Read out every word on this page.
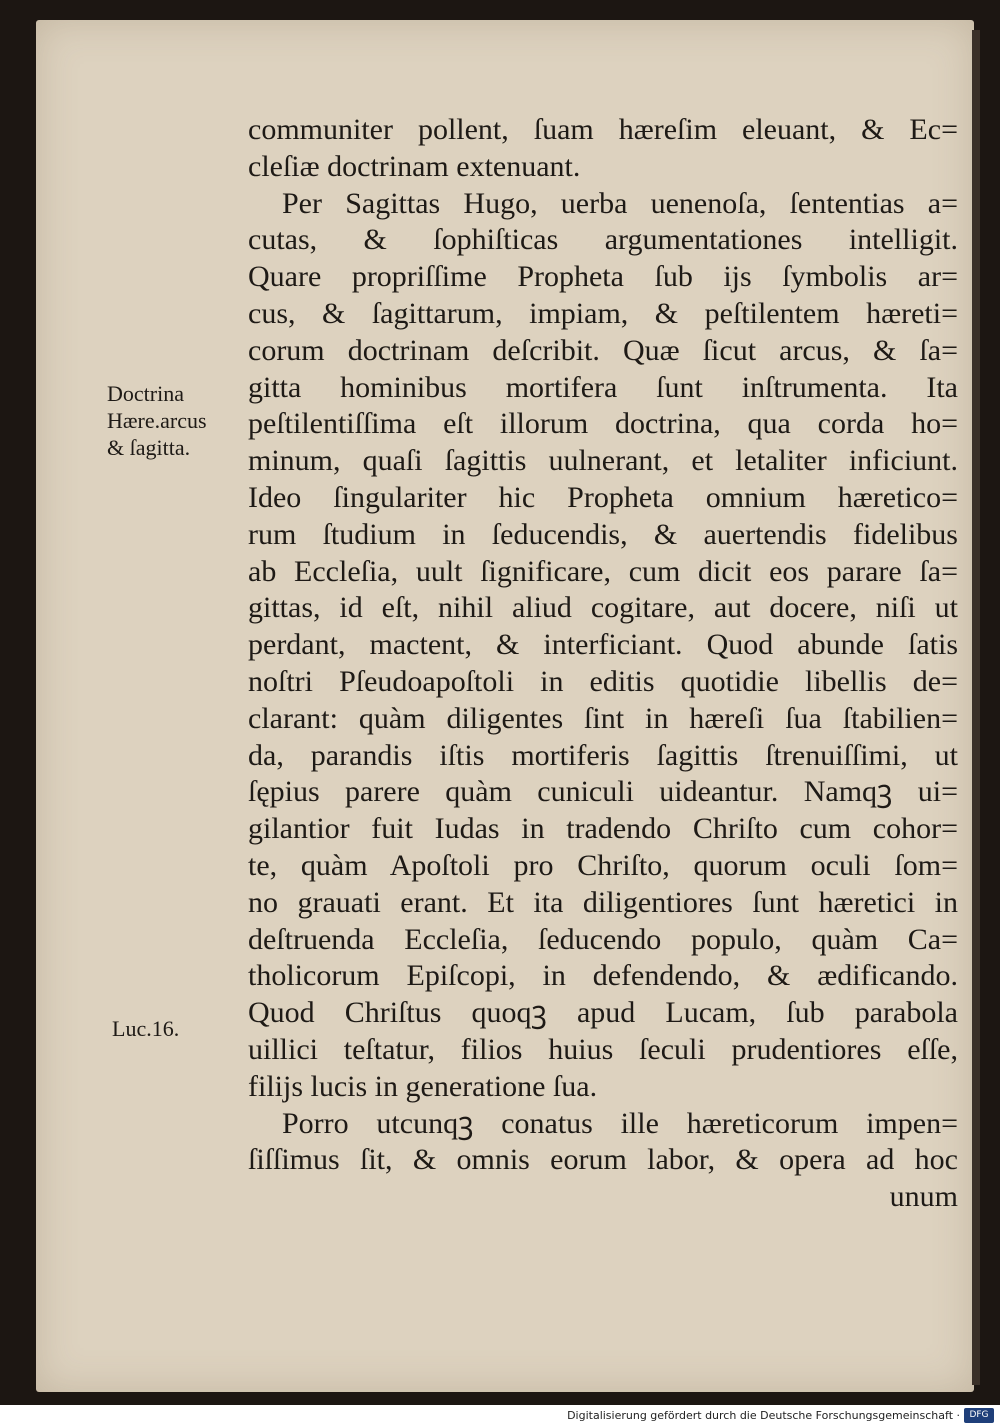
Doctrina
Hære.arcus
& ſagitta.
Luc.16.
communiter pollent, ſuam hæreſim eleuant, & Ec=
cleſiæ doctrinam extenuant.
Per Sagittas Hugo, uerba uenenoſa, ſententias a=
cutas, & ſophiſticas argumentationes intelligit.
Quare propriſſime Propheta ſub ijs ſymbolis ar=
cus, & ſagittarum, impiam, & peſtilentem hæreti=
corum doctrinam deſcribit. Quæ ſicut arcus, & ſa=
gitta hominibus mortifera ſunt inſtrumenta. Ita
peſtilentiſſima eſt illorum doctrina, qua corda ho=
minum, quaſi ſagittis uulnerant, et letaliter inficiunt.
Ideo ſingulariter hic Propheta omnium hæretico=
rum ſtudium in ſeducendis, & auertendis fidelibus
ab Eccleſia, uult ſignificare, cum dicit eos parare ſa=
gittas, id eſt, nihil aliud cogitare, aut docere, niſi ut
perdant, mactent, & interficiant. Quod abunde ſatis
noſtri Pſeudoapoſtoli in editis quotidie libellis de=
clarant: quàm diligentes ſint in hæreſi ſua ſtabilien=
da, parandis iſtis mortiferis ſagittis ſtrenuiſſimi, ut
ſępius parere quàm cuniculi uideantur. Namqꝫ ui=
gilantior fuit Iudas in tradendo Chriſto cum cohor=
te, quàm Apoſtoli pro Chriſto, quorum oculi ſom=
no grauati erant. Et ita diligentiores ſunt hæretici in
deſtruenda Eccleſia, ſeducendo populo, quàm Ca=
tholicorum Epiſcopi, in defendendo, & ædificando.
Quod Chriſtus quoqꝫ apud Lucam, ſub parabola
uillici teſtatur, filios huius ſeculi prudentiores eſſe,
filijs lucis in generatione ſua.
Porro utcunqꝫ conatus ille hæreticorum impen=
ſiſſimus ſit, & omnis eorum labor, & opera ad hoc
unum
Digitalisierung gefördert durch die Deutsche Forschungsgemeinschaft ·	DFG
